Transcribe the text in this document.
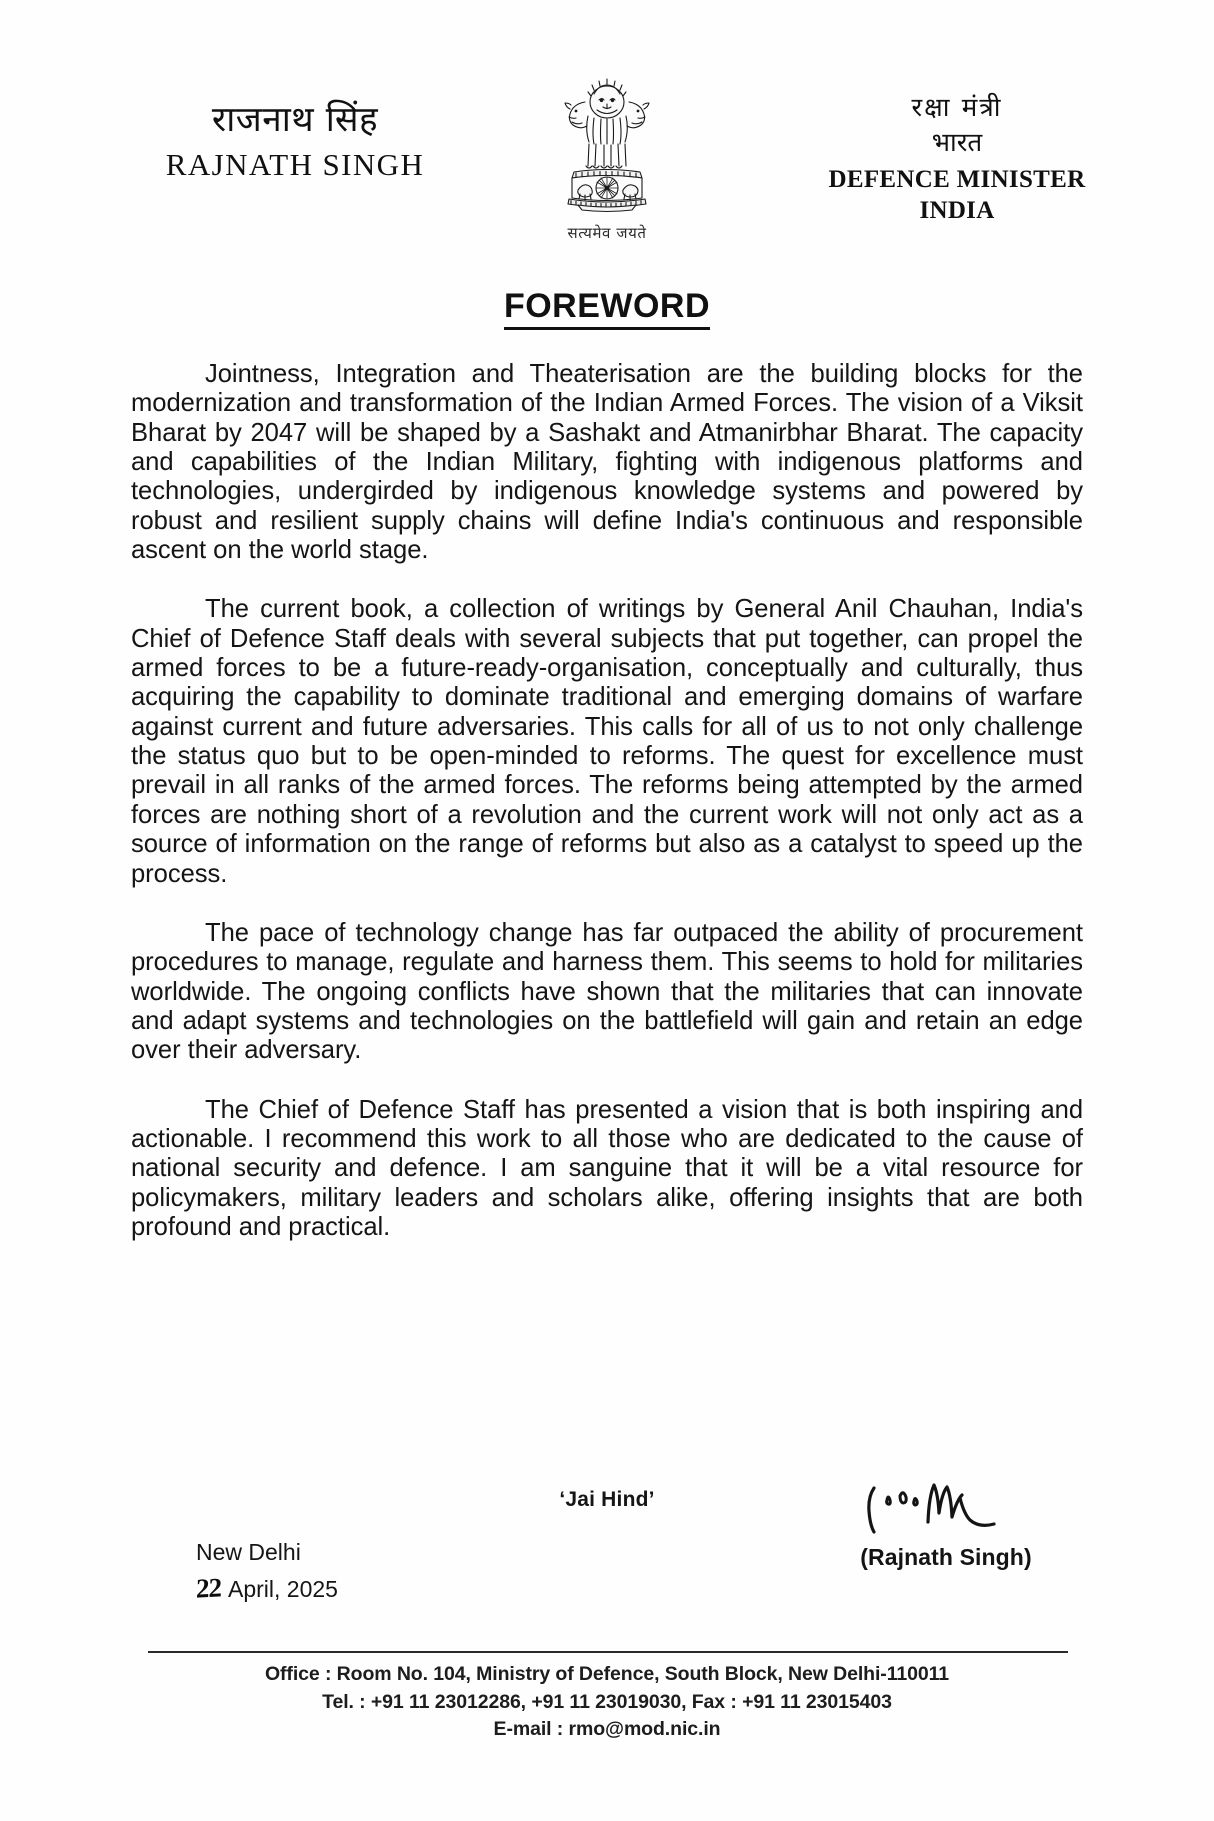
राजनाथ सिंह
RAJNATH SINGH
रक्षा मंत्री
भारत
DEFENCE MINISTER
INDIA
सत्यमेव जयते
FOREWORD

Jointness, Integration and Theaterisation are the building blocks for the modernization and transformation of the Indian Armed Forces. The vision of a Viksit Bharat by 2047 will be shaped by a Sashakt and Atmanirbhar Bharat. The capacity and capabilities of the Indian Military, fighting with indigenous platforms and technologies, undergirded by indigenous knowledge systems and powered by robust and resilient supply chains will define India's continuous and responsible ascent on the world stage.

The current book, a collection of writings by General Anil Chauhan, India's Chief of Defence Staff deals with several subjects that put together, can propel the armed forces to be a future-ready-organisation, conceptually and culturally, thus acquiring the capability to dominate traditional and emerging domains of warfare against current and future adversaries. This calls for all of us to not only challenge the status quo but to be open-minded to reforms. The quest for excellence must prevail in all ranks of the armed forces. The reforms being attempted by the armed forces are nothing short of a revolution and the current work will not only act as a source of information on the range of reforms but also as a catalyst to speed up the process.

The pace of technology change has far outpaced the ability of procurement procedures to manage, regulate and harness them. This seems to hold for militaries worldwide. The ongoing conflicts have shown that the militaries that can innovate and adapt systems and technologies on the battlefield will gain and retain an edge over their adversary.

The Chief of Defence Staff has presented a vision that is both inspiring and actionable. I recommend this work to all those who are dedicated to the cause of national security and defence. I am sanguine that it will be a vital resource for policymakers, military leaders and scholars alike, offering insights that are both profound and practical.

‘Jai Hind’
New Delhi
22 April, 2025
(Rajnath Singh)
Office : Room No. 104, Ministry of Defence, South Block, New Delhi-110011
Tel. : +91 11 23012286, +91 11 23019030, Fax : +91 11 23015403
E-mail : rmo@mod.nic.in
